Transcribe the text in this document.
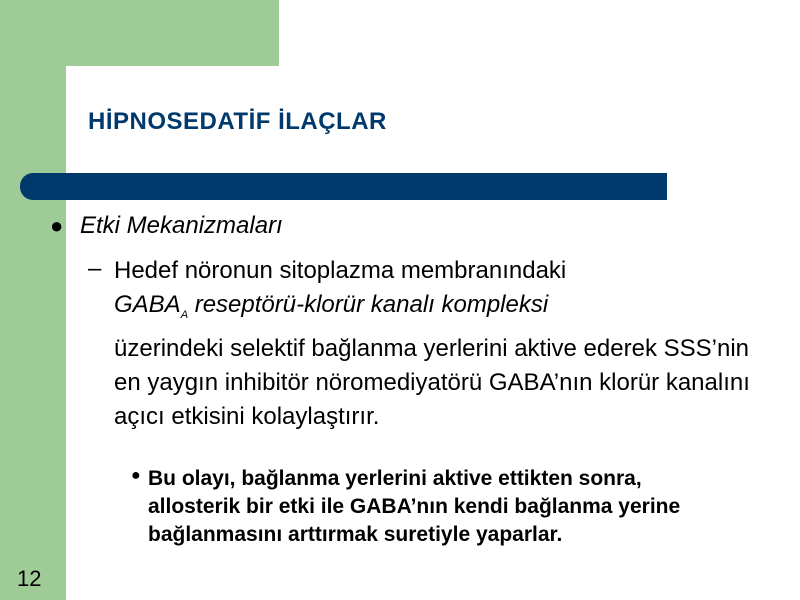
HİPNOSEDATİF İLAÇLAR
● Etki Mekanizmaları
– Hedef nöronun sitoplazma membranındaki
$GABA_A$ reseptörü-klorür kanalı kompleksi
üzerindeki selektif bağlanma yerlerini aktive ederek SSS’nin en yaygın inhibitör nöromediyatörü GABA’nın klorür kanalını açıcı etkisini kolaylaştırır.

● Bu olayı, bağlanma yerlerini aktive ettikten sonra, allosterik bir etki ile GABA’nın kendi bağlanma yerine bağlanmasını arttırmak suretiyle yaparlar.

12
